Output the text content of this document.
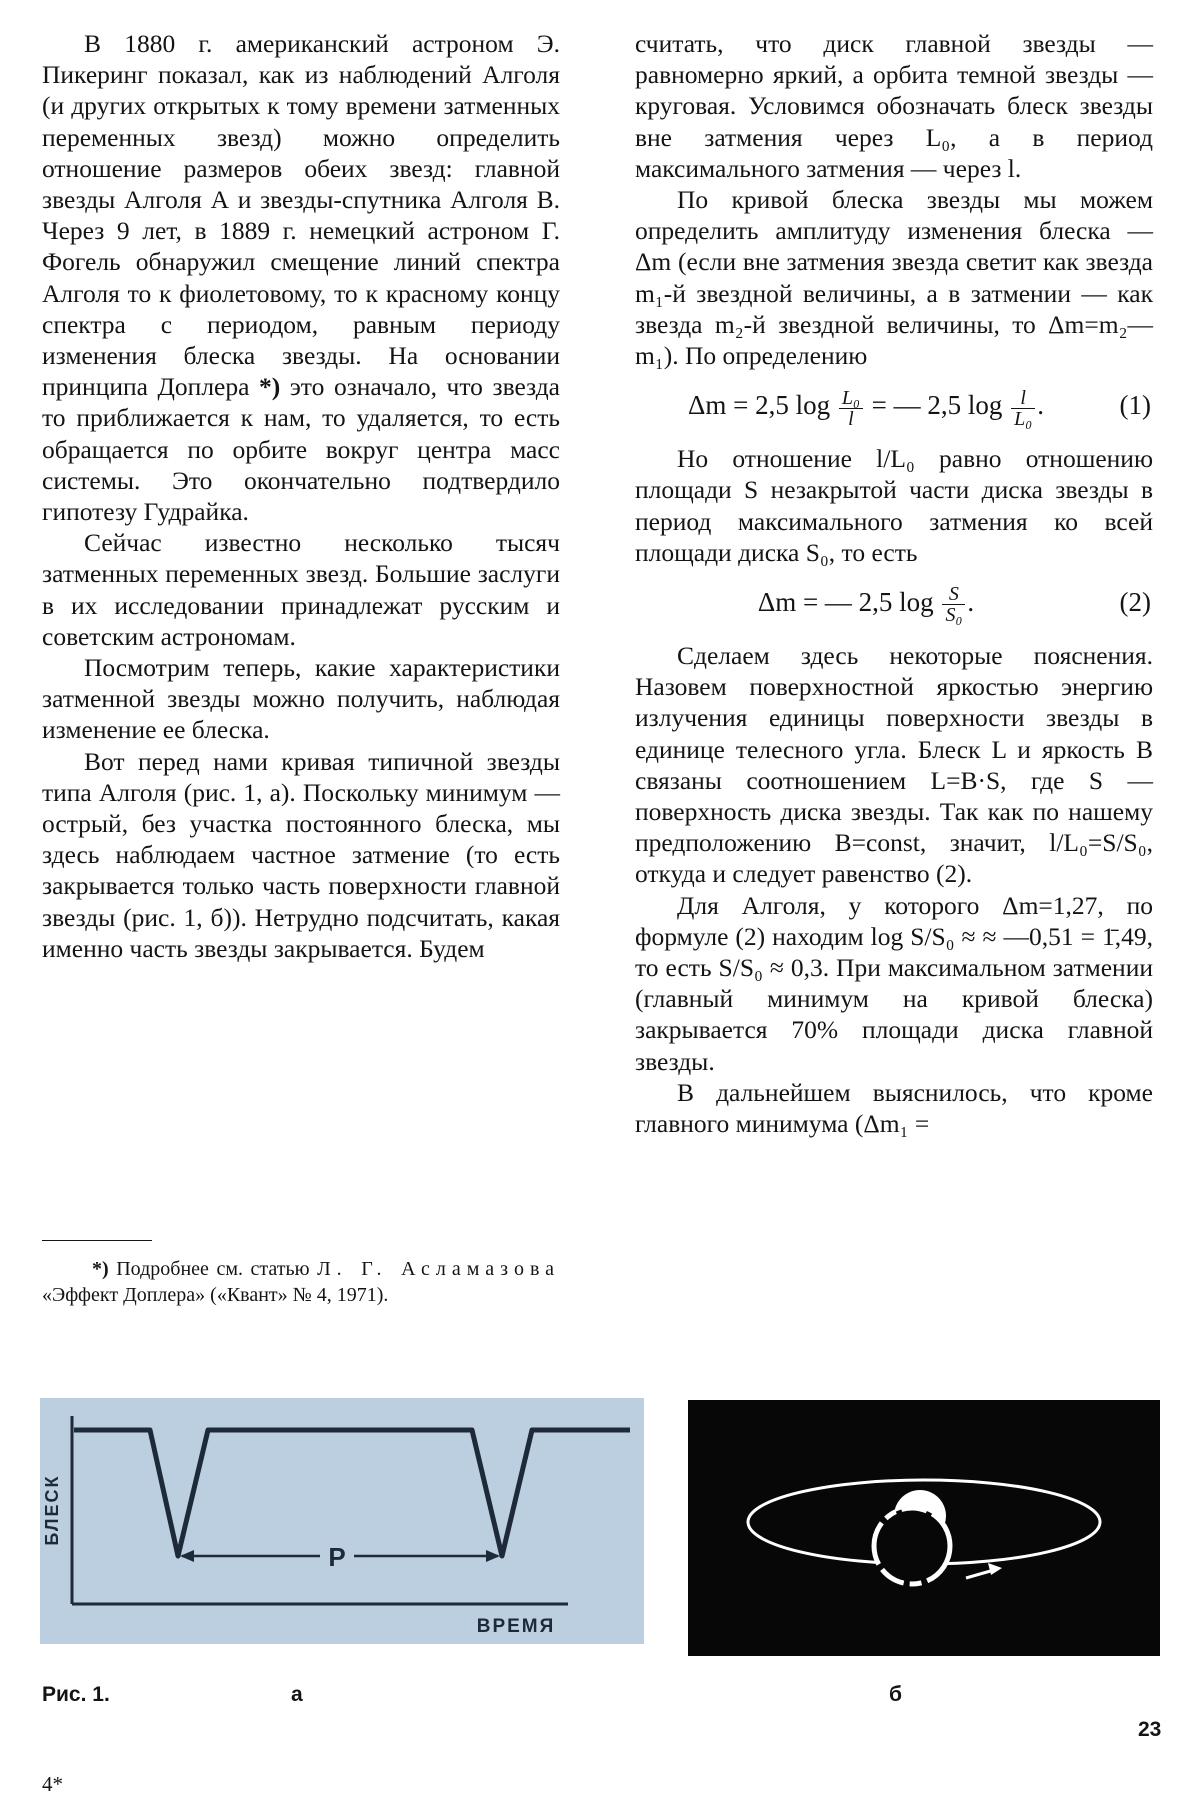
В 1880 г. американский астроном Э. Пикеринг показал, как из наблюдений Алголя (и других открытых к тому времени затменных переменных звезд) можно определить отношение размеров обеих звезд: главной звезды Алголя А и звезды-спутника Алголя В. Через 9 лет, в 1889 г. немецкий астроном Г. Фогель обнаружил смещение линий спектра Алголя то к фиолетовому, то к красному концу спектра с периодом, равным периоду изменения блеска звезды. На основании принципа Доплера *) это означало, что звезда то приближается к нам, то удаляется, то есть обращается по орбите вокруг центра масс системы. Это окончательно подтвердило гипотезу Гудрайка.

Сейчас известно несколько тысяч затменных переменных звезд. Большие заслуги в их исследовании принадлежат русским и советским астрономам.

Посмотрим теперь, какие характеристики затменной звезды можно получить, наблюдая изменение ее блеска.

Вот перед нами кривая типичной звезды типа Алголя (рис. 1, а). Поскольку минимум — острый, без участка постоянного блеска, мы здесь наблюдаем частное затмение (то есть закрывается только часть поверхности главной звезды (рис. 1, б)). Нетрудно подсчитать, какая именно часть звезды закрывается. Будем

*) Подробнее см. статью Л. Г. Асламазова «Эффект Доплера» («Квант» № 4, 1971).

считать, что диск главной звезды — равномерно яркий, а орбита темной звезды — круговая. Условимся обозначать блеск звезды вне затмения через L₀, а в период максимального затмения — через l.

По кривой блеска звезды мы можем определить амплитуду изменения блеска — Δm (если вне затмения звезда светит как звезда m₁-й звездной величины, а в затмении — как звезда m₂-й звездной величины, то Δm=m₂—m₁). По определению

Δm = 2,5 $\log \frac{\text{L₀}}{l}$ = — 2,5 $\log \frac{l}{\text{L₀}}$ .	(1)

Но отношение l/L₀ равно отношению площади S незакрытой части диска звезды в период максимального затмения ко всей площади диска S₀, то есть

Δm = — 2,5 $\log \frac{S}{\text{S₀}}$ .	(2)

Сделаем здесь некоторые пояснения. Назовем поверхностной яркостью энергию излучения единицы поверхности звезды в единице телесного угла. Блеск L и яркость B связаны соотношением L=B·S, где S — поверхность диска звезды. Так как по нашему предположению B=const, значит, l/L₀=S/S₀, откуда и следует равенство (2).

Для Алголя, у которого Δm=1,27, по формуле (2) находим log S/S₀ ≈ ≈ —0,51 = 1̄,49, то есть S/S₀ ≈ 0,3. При максимальном затмении (главный минимум на кривой блеска) закрывается 70% площади диска главной звезды.

В дальнейшем выяснилось, что кроме главного минимума (Δm₁ =

P
БЛЕСК
ВРЕМЯ
Рис. 1.	а	б
23
4*
